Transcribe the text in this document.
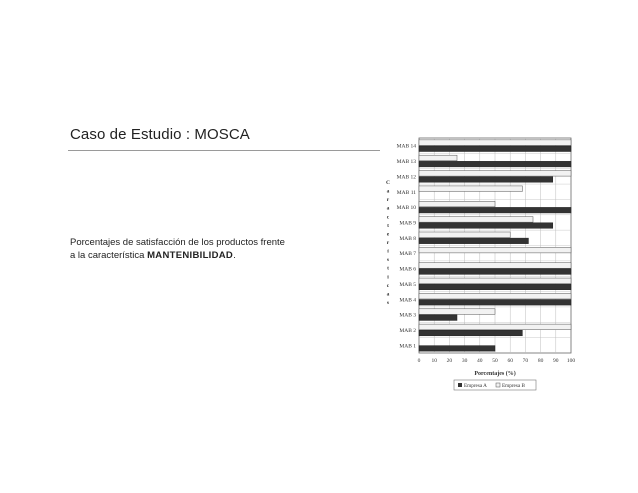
Caso de Estudio : MOSCA
Porcentajes de satisfacción de los productos frente
a la característica MANTENIBILIDAD.
0 10 20 30 40 50 60 70 80 90 100
MAB 14
MAB 13
MAB 12
MAB 11
MAB 10
MAB 9
MAB 8
MAB 7
MAB 6
MAB 5
MAB 4
MAB 3
MAB 2
MAB 1
C
a
r
a
c
t
e
r
í
s
t
i
c
a
s
Porcentajes (%)
Empresa A	Empresa B
